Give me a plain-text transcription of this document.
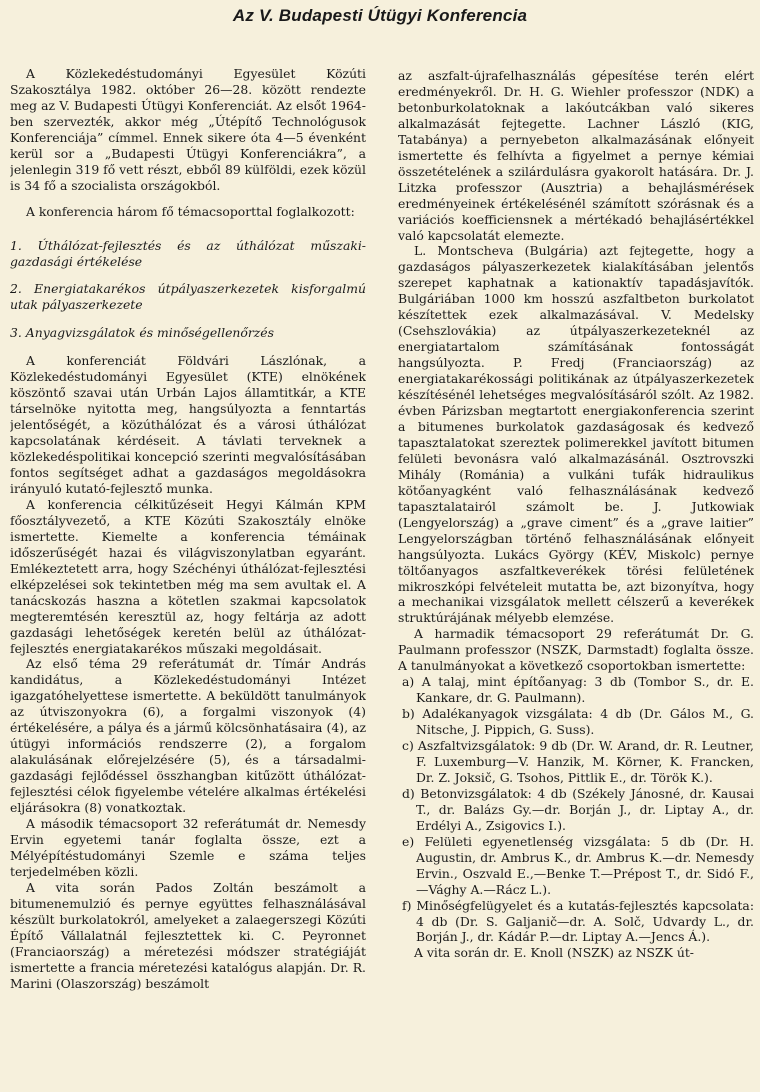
Az V. Budapesti Útügyi Konferencia

A Közlekedéstudományi Egyesület Közúti Szakosztálya 1982. október 26—28. között rendezte meg az V. Budapesti Útügyi Konferenciát. Az elsőt 1964-ben szervezték, akkor még „Útépítő Technológusok Konferenciája” címmel. Ennek sikere óta 4—5 évenként kerül sor a „Budapesti Útügyi Konferenciákra”, a jelenlegin 319 fő vett részt, ebből 89 külföldi, ezek közül is 34 fő a szocialista országokból.

A konferencia három fő témacsoporttal foglalkozott:

1. Úthálózat-fejlesztés és az úthálózat műszaki-gazdasági értékelése
2. Energiatakarékos útpályaszerkezetek kisforgalmú utak pályaszerkezete
3. Anyagvizsgálatok és minőségellenőrzés

A konferenciát Földvári Lászlónak, a Közlekedéstudományi Egyesület (KTE) elnökének köszöntő szavai után Urbán Lajos államtitkár, a KTE társelnöke nyitotta meg, hangsúlyozta a fenntartás jelentőségét, a közúthálózat és a városi úthálózat kapcsolatának kérdéseit. A távlati terveknek a közlekedéspolitikai koncepció szerinti megvalósításában fontos segítséget adhat a gazdaságos megoldásokra irányuló kutató-fejlesztő munka.

A konferencia célkitűzéseit Hegyi Kálmán KPM főosztályvezető, a KTE Közúti Szakosztály elnöke ismertette. Kiemelte a konferencia témáinak időszerűségét hazai és világviszonylatban egyaránt. Emlékeztetett arra, hogy Széchényi úthálózat-fejlesztési elképzelései sok tekintetben még ma sem avultak el. A tanácskozás haszna a kötetlen szakmai kapcsolatok megteremtésén keresztül az, hogy feltárja az adott gazdasági lehetőségek keretén belül az úthálózat-fejlesztés energiatakarékos műszaki megoldásait.

Az első téma 29 referátumát dr. Tímár András kandidátus, a Közlekedéstudományi Intézet igazgatóhelyettese ismertette. A beküldött tanulmányok az útviszonyokra (6), a forgalmi viszonyok (4) értékelésére, a pálya és a jármű kölcsönhatásaira (4), az útügyi információs rendszerre (2), a forgalom alakulásának előrejelzésére (5), és a társadalmi-gazdasági fejlődéssel összhangban kitűzött úthálózat-fejlesztési célok figyelembe vételére alkalmas értékelési eljárásokra (8) vonatkoztak.

A második témacsoport 32 referátumát dr. Nemesdy Ervin egyetemi tanár foglalta össze, ezt a Mélyépítéstudományi Szemle e száma teljes terjedelmében közli.

A vita során Pados Zoltán beszámolt a bitumenemulzió és pernye együttes felhasználásával készült burkolatokról, amelyeket a zalaegerszegi Közúti Építő Vállalatnál fejlesztettek ki. C. Peyronnet (Franciaország) a méretezési módszer stratégiáját ismertette a francia méretezési katalógus alapján. Dr. R. Marini (Olaszország) beszámolt

az aszfalt-újrafelhasználás gépesítése terén elért eredményekről. Dr. H. G. Wiehler professzor (NDK) a betonburkolatoknak a lakóutcákban való sikeres alkalmazását fejtegette. Lachner László (KIG, Tatabánya) a pernyebeton alkalmazásának előnyeit ismertette és felhívta a figyelmet a pernye kémiai összetételének a szilárdulásra gyakorolt hatására. Dr. J. Litzka professzor (Ausztria) a behajlásmérések eredményeinek értékelésénél számított szórásnak és a variációs koefficiensnek a mértékadó behajlásértékkel való kapcsolatát elemezte.

L. Montscheva (Bulgária) azt fejtegette, hogy a gazdaságos pályaszerkezetek kialakításában jelentős szerepet kaphatnak a kationaktív tapadásjavítók. Bulgáriában 1000 km hosszú aszfaltbeton burkolatot készítettek ezek alkalmazásával. V. Medelsky (Csehszlovákia) az útpályaszerkezeteknél az energiatartalom számításának fontosságát hangsúlyozta. P. Fredj (Franciaország) az energiatakarékossági politikának az útpályaszerkezetek készítésénél lehetséges megvalósításáról szólt. Az 1982. évben Párizsban megtartott energiakonferencia szerint a bitumenes burkolatok gazdaságosak és kedvező tapasztalatokat szereztek polimerekkel javított bitumen felületi bevonásra való alkalmazásánál. Osztrovszki Mihály (Románia) a vulkáni tufák hidraulikus kötőanyagként való felhasználásának kedvező tapasztalatairól számolt be. J. Jutkowiak (Lengyelország) a „grave ciment” és a „grave laitier” Lengyelországban történő felhasználásának előnyeit hangsúlyozta. Lukács György (KÉV, Miskolc) pernye töltőanyagos aszfaltkeverékek törési felületének mikroszkópi felvételeit mutatta be, azt bizonyítva, hogy a mechanikai vizsgálatok mellett célszerű a keverékek struktúrájának mélyebb elemzése.

A harmadik témacsoport 29 referátumát Dr. G. Paulmann professzor (NSZK, Darmstadt) foglalta össze. A tanulmányokat a következő csoportokban ismertette:

a) A talaj, mint építőanyag: 3 db (Tombor S., dr. E. Kankare, dr. G. Paulmann).
b) Adalékanyagok vizsgálata: 4 db (Dr. Gálos M., G. Nitsche, J. Pippich, G. Suss).
c) Aszfaltvizsgálatok: 9 db (Dr. W. Arand, dr. R. Leutner, F. Luxemburg—V. Hanzik, M. Körner, K. Francken, Dr. Z. Joksič, G. Tsohos, Pittlik E., dr. Török K.).
d) Betonvizsgálatok: 4 db (Székely Jánosné, dr. Kausai T., dr. Balázs Gy.—dr. Borján J., dr. Liptay A., dr. Erdélyi A., Zsigovics I.).
e) Felületi egyenetlenség vizsgálata: 5 db (Dr. H. Augustin, dr. Ambrus K., dr. Ambrus K.—dr. Nemesdy Ervin., Oszvald E.,—Benke T.—Prépost T., dr. Sidó F.,—Vághy A.—Rácz L.).
f) Minőségfelügyelet és a kutatás-fejlesztés kapcsolata: 4 db (Dr. S. Galjanič—dr. A. Solč, Udvardy L., dr. Borján J., dr. Kádár P.—dr. Liptay A.—Jencs Á.).

A vita során dr. E. Knoll (NSZK) az NSZK út-
